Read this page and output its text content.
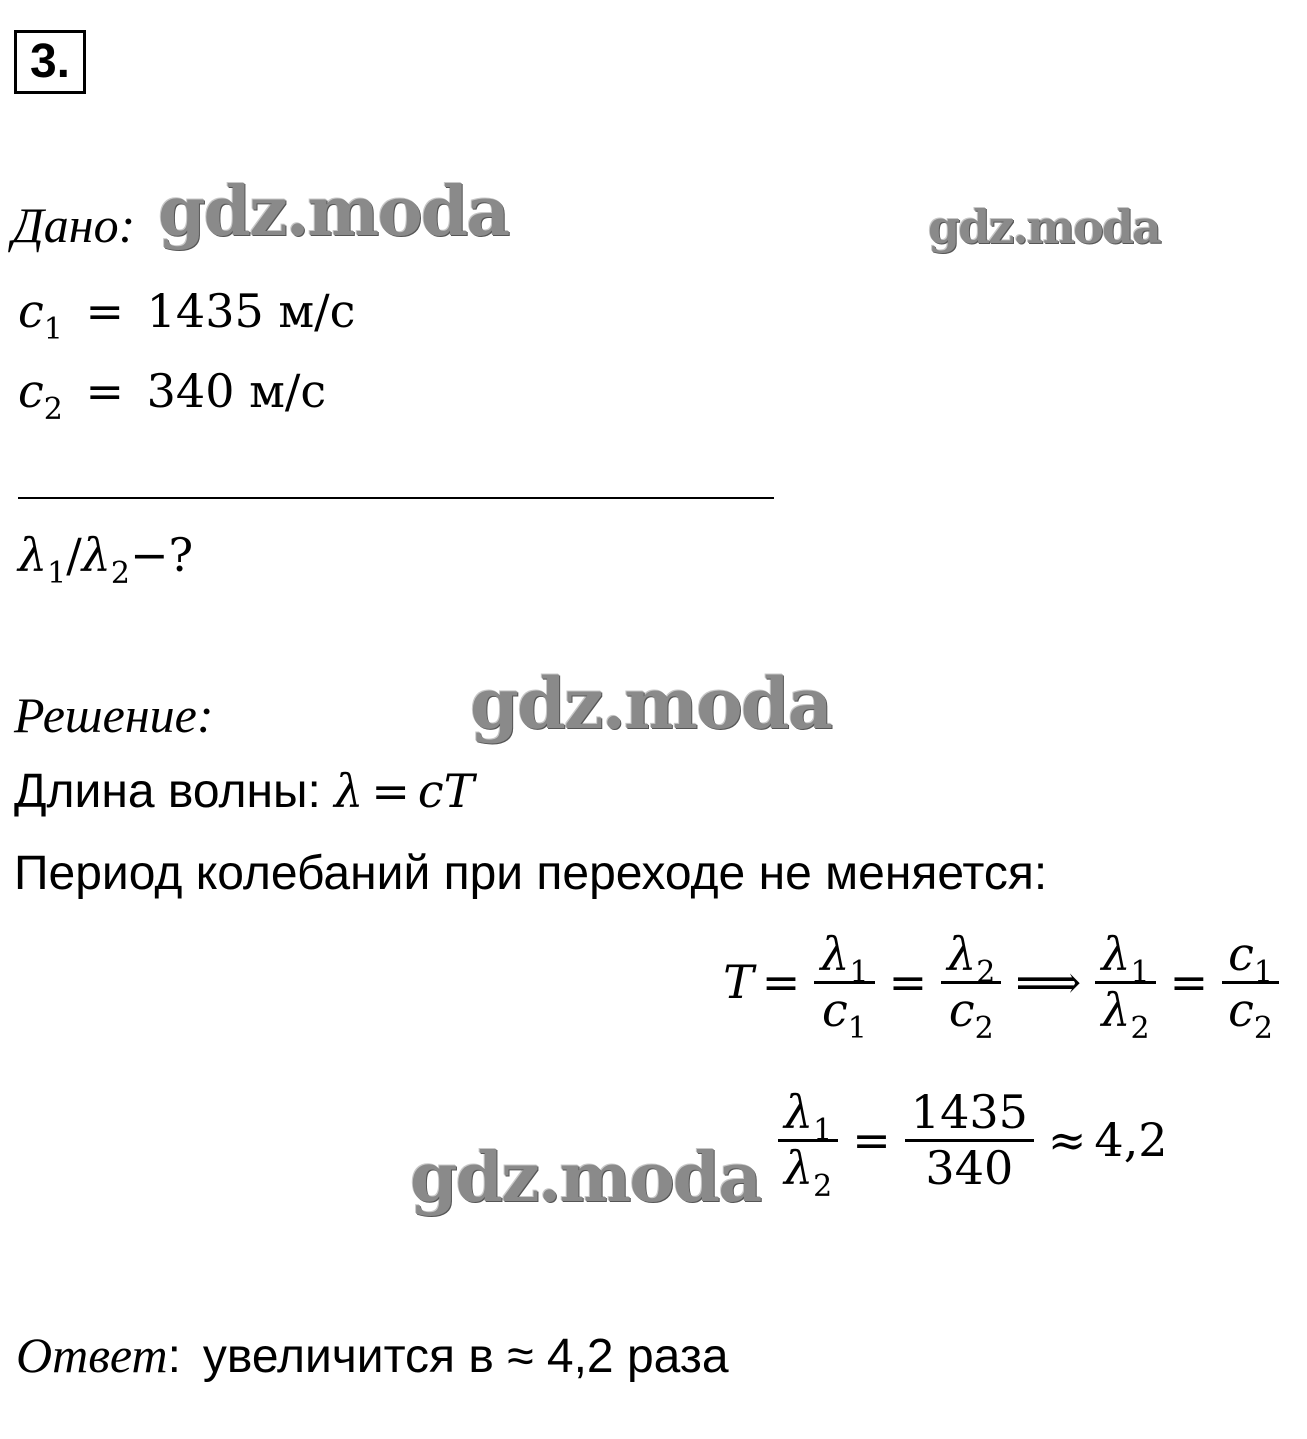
3.
Дано: gdz.moda	gdz.moda
$c_1 = 1435$ м/с
$c_2 = 340$ м/с
$\lambda_1/\lambda_2-$?
Решение:	gdz.moda
Длина волны: λ = cT
Период колебаний при переходе не меняется:
$T = \frac{\lambda_1}{c_1} = \frac{\lambda_2}{c_2}$ ⟹ $\frac{\lambda_1}{\lambda_2} = \frac{c_1}{c_2}$
gdz.moda $\frac{\lambda_1}{\lambda_2} = \frac{1435}{340} \approx 4,2$
Ответ: увеличится в ≈ 4,2 раза
